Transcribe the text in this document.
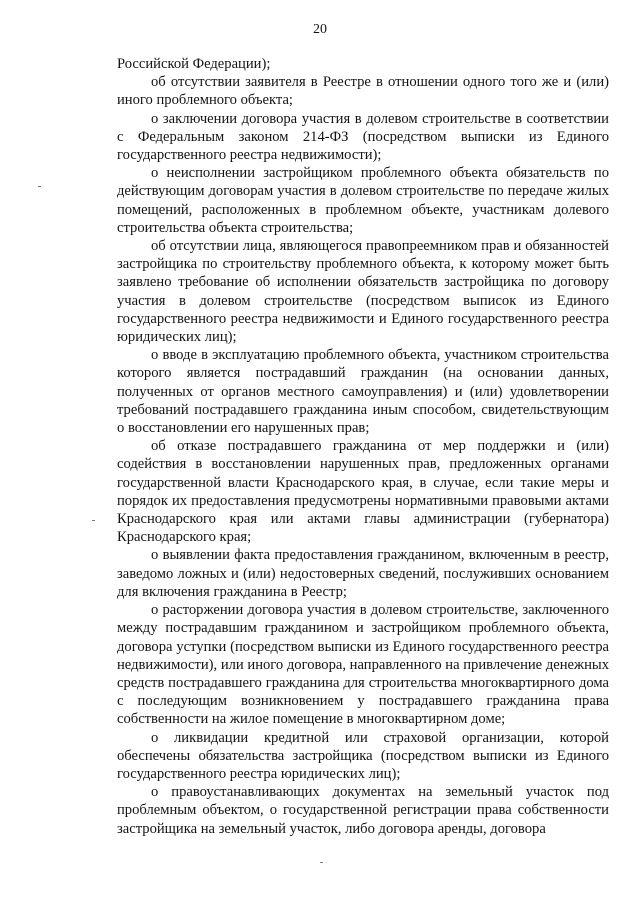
20

Российской Федерации);

об отсутствии заявителя в Реестре в отношении одного того же и (или) иного проблемного объекта;

о заключении договора участия в долевом строительстве в соответствии с Федеральным законом 214-ФЗ (посредством выписки из Единого государственного реестра недвижимости);

о неисполнении застройщиком проблемного объекта обязательств по действующим договорам участия в долевом строительстве по передаче жилых помещений, расположенных в проблемном объекте, участникам долевого строительства объекта строительства;

об отсутствии лица, являющегося правопреемником прав и обязанностей застройщика по строительству проблемного объекта, к которому может быть заявлено требование об исполнении обязательств застройщика по договору участия в долевом строительстве (посредством выписок из Единого государственного реестра недвижимости и Единого государственного реестра юридических лиц);

о вводе в эксплуатацию проблемного объекта, участником строительства которого является пострадавший гражданин (на основании данных, полученных от органов местного самоуправления) и (или) удовлетворении требований пострадавшего гражданина иным способом, свидетельствующим о восстановлении его нарушенных прав;

об отказе пострадавшего гражданина от мер поддержки и (или) содействия в восстановлении нарушенных прав, предложенных органами государственной власти Краснодарского края, в случае, если такие меры и порядок их предоставления предусмотрены нормативными правовыми актами Краснодарского края или актами главы администрации (губернатора) Краснодарского края;

о выявлении факта предоставления гражданином, включенным в реестр, заведомо ложных и (или) недостоверных сведений, послуживших основанием для включения гражданина в Реестр;

о расторжении договора участия в долевом строительстве, заключенного между пострадавшим гражданином и застройщиком проблемного объекта, договора уступки (посредством выписки из Единого государственного реестра недвижимости), или иного договора, направленного на привлечение денежных средств пострадавшего гражданина для строительства многоквартирного дома с последующим возникновением у пострадавшего гражданина права собственности на жилое помещение в многоквартирном доме;

о ликвидации кредитной или страховой организации, которой обеспечены обязательства застройщика (посредством выписки из Единого государственного реестра юридических лиц);

о правоустанавливающих документах на земельный участок под проблемным объектом, о государственной регистрации права собственности застройщика на земельный участок, либо договора аренды, договора
